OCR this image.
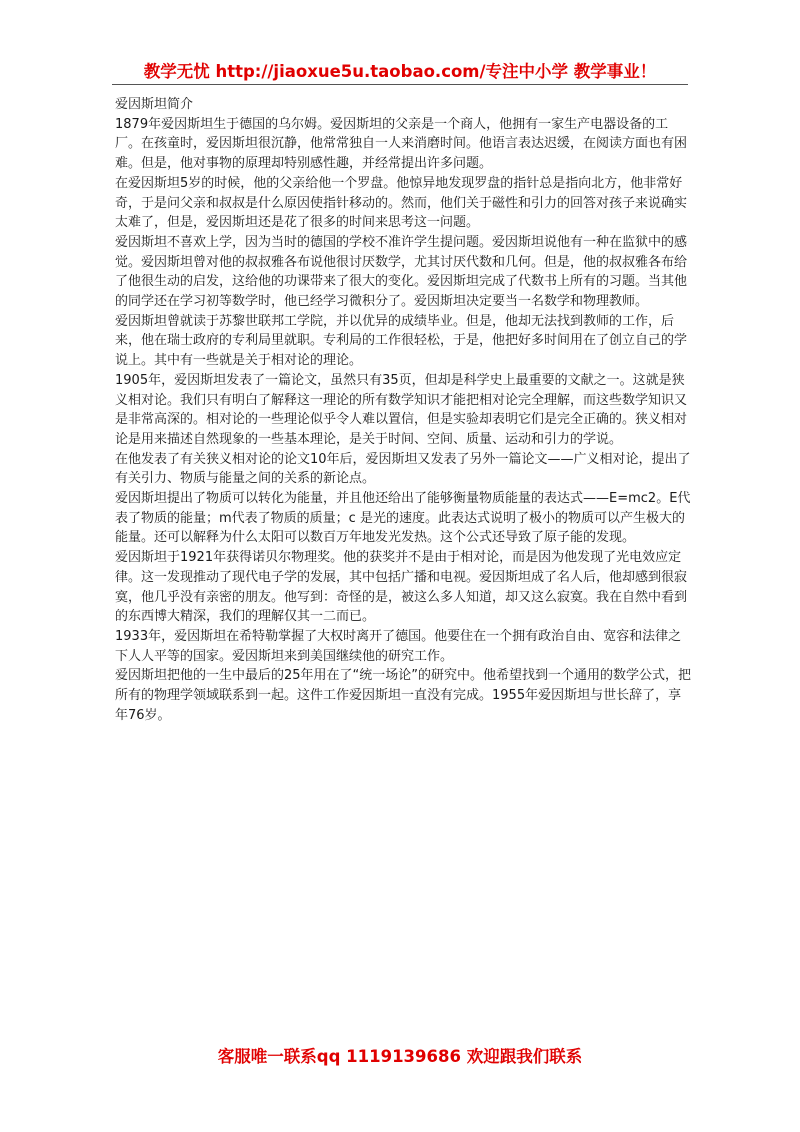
教学无忧 http://jiaoxue5u.taobao.com/专注中小学 教学事业！

爱因斯坦简介

1879年爱因斯坦生于德国的乌尔姆。爱因斯坦的父亲是一个商人，他拥有一家生产电器设备的工厂。在孩童时，爱因斯坦很沉静，他常常独自一人来消磨时间。他语言表达迟缓，在阅读方面也有困难。但是，他对事物的原理却特别感性趣，并经常提出许多问题。

在爱因斯坦5岁的时候，他的父亲给他一个罗盘。他惊异地发现罗盘的指针总是指向北方，他非常好奇，于是问父亲和叔叔是什么原因使指针移动的。然而，他们关于磁性和引力的回答对孩子来说确实太难了，但是，爱因斯坦还是花了很多的时间来思考这一问题。

爱因斯坦不喜欢上学，因为当时的德国的学校不准许学生提问题。爱因斯坦说他有一种在监狱中的感觉。爱因斯坦曾对他的叔叔雅各布说他很讨厌数学，尤其讨厌代数和几何。但是，他的叔叔雅各布给了他很生动的启发，这给他的功课带来了很大的变化。爱因斯坦完成了代数书上所有的习题。当其他的同学还在学习初等数学时，他已经学习微积分了。爱因斯坦决定要当一名数学和物理教师。

爱因斯坦曾就读于苏黎世联邦工学院，并以优异的成绩毕业。但是，他却无法找到教师的工作，后来，他在瑞士政府的专利局里就职。专利局的工作很轻松，于是，他把好多时间用在了创立自己的学说上。其中有一些就是关于相对论的理论。

1905年，爱因斯坦发表了一篇论文，虽然只有35页，但却是科学史上最重要的文献之一。这就是狭义相对论。我们只有明白了解释这一理论的所有数学知识才能把相对论完全理解，而这些数学知识又是非常高深的。相对论的一些理论似乎令人难以置信，但是实验却表明它们是完全正确的。狭义相对论是用来描述自然现象的一些基本理论，是关于时间、空间、质量、运动和引力的学说。

在他发表了有关狭义相对论的论文10年后，爱因斯坦又发表了另外一篇论文——广义相对论，提出了有关引力、物质与能量之间的关系的新论点。

爱因斯坦提出了物质可以转化为能量，并且他还给出了能够衡量物质能量的表达式——E=mc2。E代表了物质的能量；m代表了物质的质量；c 是光的速度。此表达式说明了极小的物质可以产生极大的能量。还可以解释为什么太阳可以数百万年地发光发热。这个公式还导致了原子能的发现。

爱因斯坦于1921年获得诺贝尔物理奖。他的获奖并不是由于相对论，而是因为他发现了光电效应定律。这一发现推动了现代电子学的发展，其中包括广播和电视。爱因斯坦成了名人后，他却感到很寂寞，他几乎没有亲密的朋友。他写到：奇怪的是，被这么多人知道，却又这么寂寞。我在自然中看到的东西博大精深，我们的理解仅其一二而已。

1933年，爱因斯坦在希特勒掌握了大权时离开了德国。他要住在一个拥有政治自由、宽容和法律之下人人平等的国家。爱因斯坦来到美国继续他的研究工作。

爱因斯坦把他的一生中最后的25年用在了“统一场论”的研究中。他希望找到一个通用的数学公式，把所有的物理学领域联系到一起。这件工作爱因斯坦一直没有完成。1955年爱因斯坦与世长辞了，享年76岁。

客服唯一联系qq 1119139686 欢迎跟我们联系
